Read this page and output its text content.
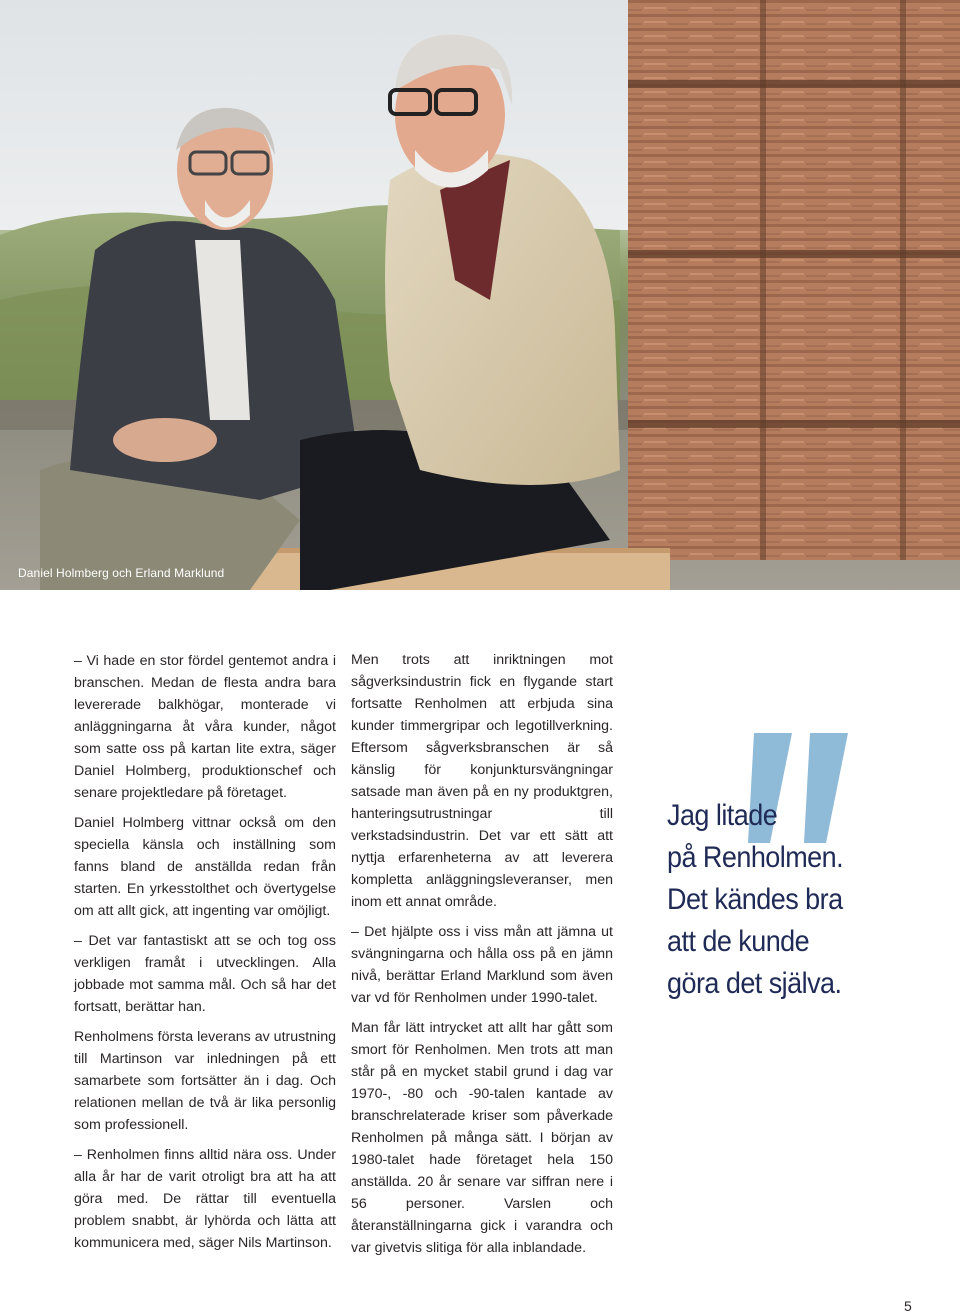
Daniel Holmberg och Erland Marklund

– Vi hade en stor fördel gentemot andra i branschen. Medan de flesta andra bara levererade balkhögar, monterade vi anläggningarna åt våra kunder, något som satte oss på kartan lite extra, säger Daniel Holmberg, produktionschef och senare projektledare på företaget.

Daniel Holmberg vittnar också om den speciella känsla och inställning som fanns bland de anställda redan från starten. En yrkesstolthet och övertygelse om att allt gick, att ingenting var omöjligt.

– Det var fantastiskt att se och tog oss verkligen framåt i utvecklingen. Alla jobbade mot samma mål. Och så har det fortsatt, berättar han.

Renholmens första leverans av utrustning till Martinson var inledningen på ett samarbete som fortsätter än i dag. Och relationen mellan de två är lika personlig som professionell.

– Renholmen finns alltid nära oss. Under alla år har de varit otroligt bra att ha att göra med. De rättar till eventuella problem snabbt, är lyhörda och lätta att kommunicera med, säger Nils Martinson.

Men trots att inriktningen mot sågverksindustrin fick en flygande start fortsatte Renholmen att erbjuda sina kunder timmergripar och legotillverkning. Eftersom sågverksbranschen är så känslig för konjunktursvängningar satsade man även på en ny produktgren, hanteringsutrustningar till verkstadsindustrin. Det var ett sätt att nyttja erfarenheterna av att leverera kompletta anläggningsleveranser, men inom ett annat område.

– Det hjälpte oss i viss mån att jämna ut svängningarna och hålla oss på en jämn nivå, berättar Erland Marklund som även var vd för Renholmen under 1990-talet.

Man får lätt intrycket att allt har gått som smort för Renholmen. Men trots att man står på en mycket stabil grund i dag var 1970-, -80 och -90-talen kantade av branschrelaterade kriser som påverkade Renholmen på många sätt. I början av 1980-talet hade företaget hela 150 anställda. 20 år senare var siffran nere i 56 personer. Varslen och återanställningarna gick i varandra och var givetvis slitiga för alla inblandade.

Jag litade
på Renholmen.
Det kändes bra
att de kunde
göra det själva.
5
